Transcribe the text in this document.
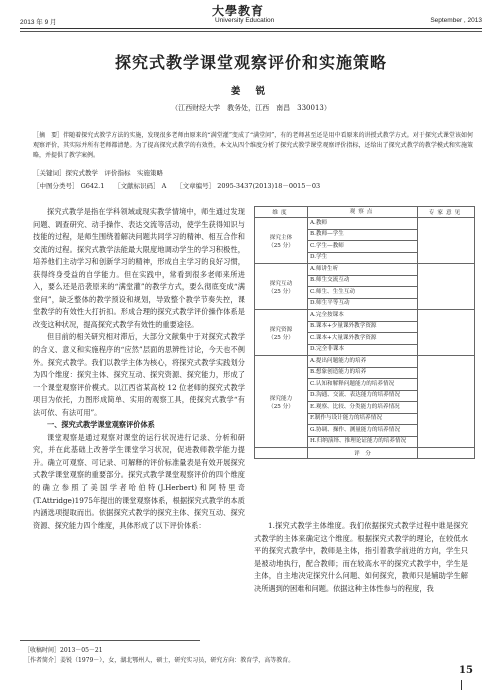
大學教育
2013 年 9 月	University Education	September , 2013
探究式教学课堂观察评价和实施策略
姜 锐
（江西财经大学　教务处，江西　南昌　330013）
［摘　要］伴随着探究式教学方法的实施，发现很多老师由原来的“满堂灌”变成了“满堂问”，有的老师甚至还是用中看原来的讲授式教学方式。对于探究式课堂该如何观察评价，其实际并所有老师都清楚。为了提高探究式教学的有效性，本文从四个维度分析了探究式教学课堂观察评价指标，还给出了探究式教学的教学模式和实施策略，并提供了教学案例。
［关键词］探究式教学　评价指标　实施策略
［中图分类号］ G642.1　　［文献标识码］ A　　［文章编号］ 2095-3437(2013)18－0015－03

探究式教学是指在学科领域或现实教学情境中，师生通过发现问题、调查研究、动手操作、表达交流等活动，使学生获得知识与技能的过程，是师生围绕着解决问题共同学习的精神、相互合作和交流的过程。探究式教学法能最大限度地调动学生的学习积极性，培养他们主动学习和创新学习的精神，形成自主学习的良好习惯，获得终身受益的自学能力。但在实践中，常看到很多老师来所进入，要么还是沿袭原来的“满堂灌”的教学方式，要么彻底变成“满堂问”，缺乏整体的教学预设和规划，导致整个教学节奏失控，课堂教学的有效性大打折扣。形成合理的探究式教学评价操作体系是改变这种状况，提高探究式教学有效性的重要途径。

但目前的相关研究相对滞后，大部分文献集中于对探究式教学的含义、意义和实施程序的“应然”层面的思辨性讨论，今天也不例外。探究式教学。我们以教学主体为核心，将探究式教学实践划分为四个维度：探究主体、探究互动、探究资源、探究能力，形成了一个课堂观察评价模式。以江西省某高校 12 位老师的探究式教学项目为依托，力图形成简单、实用的观察工具，使探究式教学“有法可依、有法可用”。

一、探究式教学课堂观察评价体系

课堂观察是通过观察对课堂的运行状况进行记录、分析和研究，并在此基础上改善学生课堂学习状况，促进教师教学能力提升。确立可观察、可记录、可解释的评价标准量表是有效开展探究式教学课堂观察的重要部分。探究式教学课堂观察评价的四个维度的确立参照了美国学者哈伯特(J.Herbert)和阿特里奇(T.Attridge)1975年提出的课堂观察体系，根据探究式教学的本质内涵选项提取而出。依据探究式教学的探究主体、探究互动、探究资源、探究能力四个维度，具体形成了以下评价体系：

维度	观察点	专家意见

探究主体
（25 分）	A.教师	
	B.教师—学生	
	C.学生—教师	
	D.学生	

探究互动
（25 分）	A.师讲生听	
	B.师生交流互动	
	C.师生、生生互动	
	D.师生平等互动	

探究资源
（25 分）	A.完全按课本	
	B.课本+少量课外教学资源	
	C.课本+大量课外教学资源	
	D.完全非课本	

探究能力
（25 分）	A.提出问题能力的培养	
	B.想象创造能力的培养	
	C.认知和解释问题能力的培养情况	
	D.沟通、交流、表达能力的培养情况	
	E.观察、比较、分类能力的培养情况	
	F.制作与设计能力的培养情况	
	G.协调、操作、测量能力的培养情况	
	H.归纳演绎、推理论证能力的培养情况	
	评　分	

1.探究式教学主体维度。我们依据探究式教学过程中谁是探究式教学的主体来确定这个维度。根据探究式教学的理论，在较低水平的探究式教学中，教师是主体，指引着教学前进的方向，学生只是被动地执行，配合教师；而在较高水平的探究式教学中，学生是主体，自主地决定探究什么问题、如何探究，教师只是辅助学生解决所遇到的困难和问题。依据这种主体性参与的程度，我

［收稿时间］2013－05－21
［作者简介］姜锐（1979－），女，湖北鄂州人，硕士，研究实习员，研究方向：教育学，高等教育。
15
